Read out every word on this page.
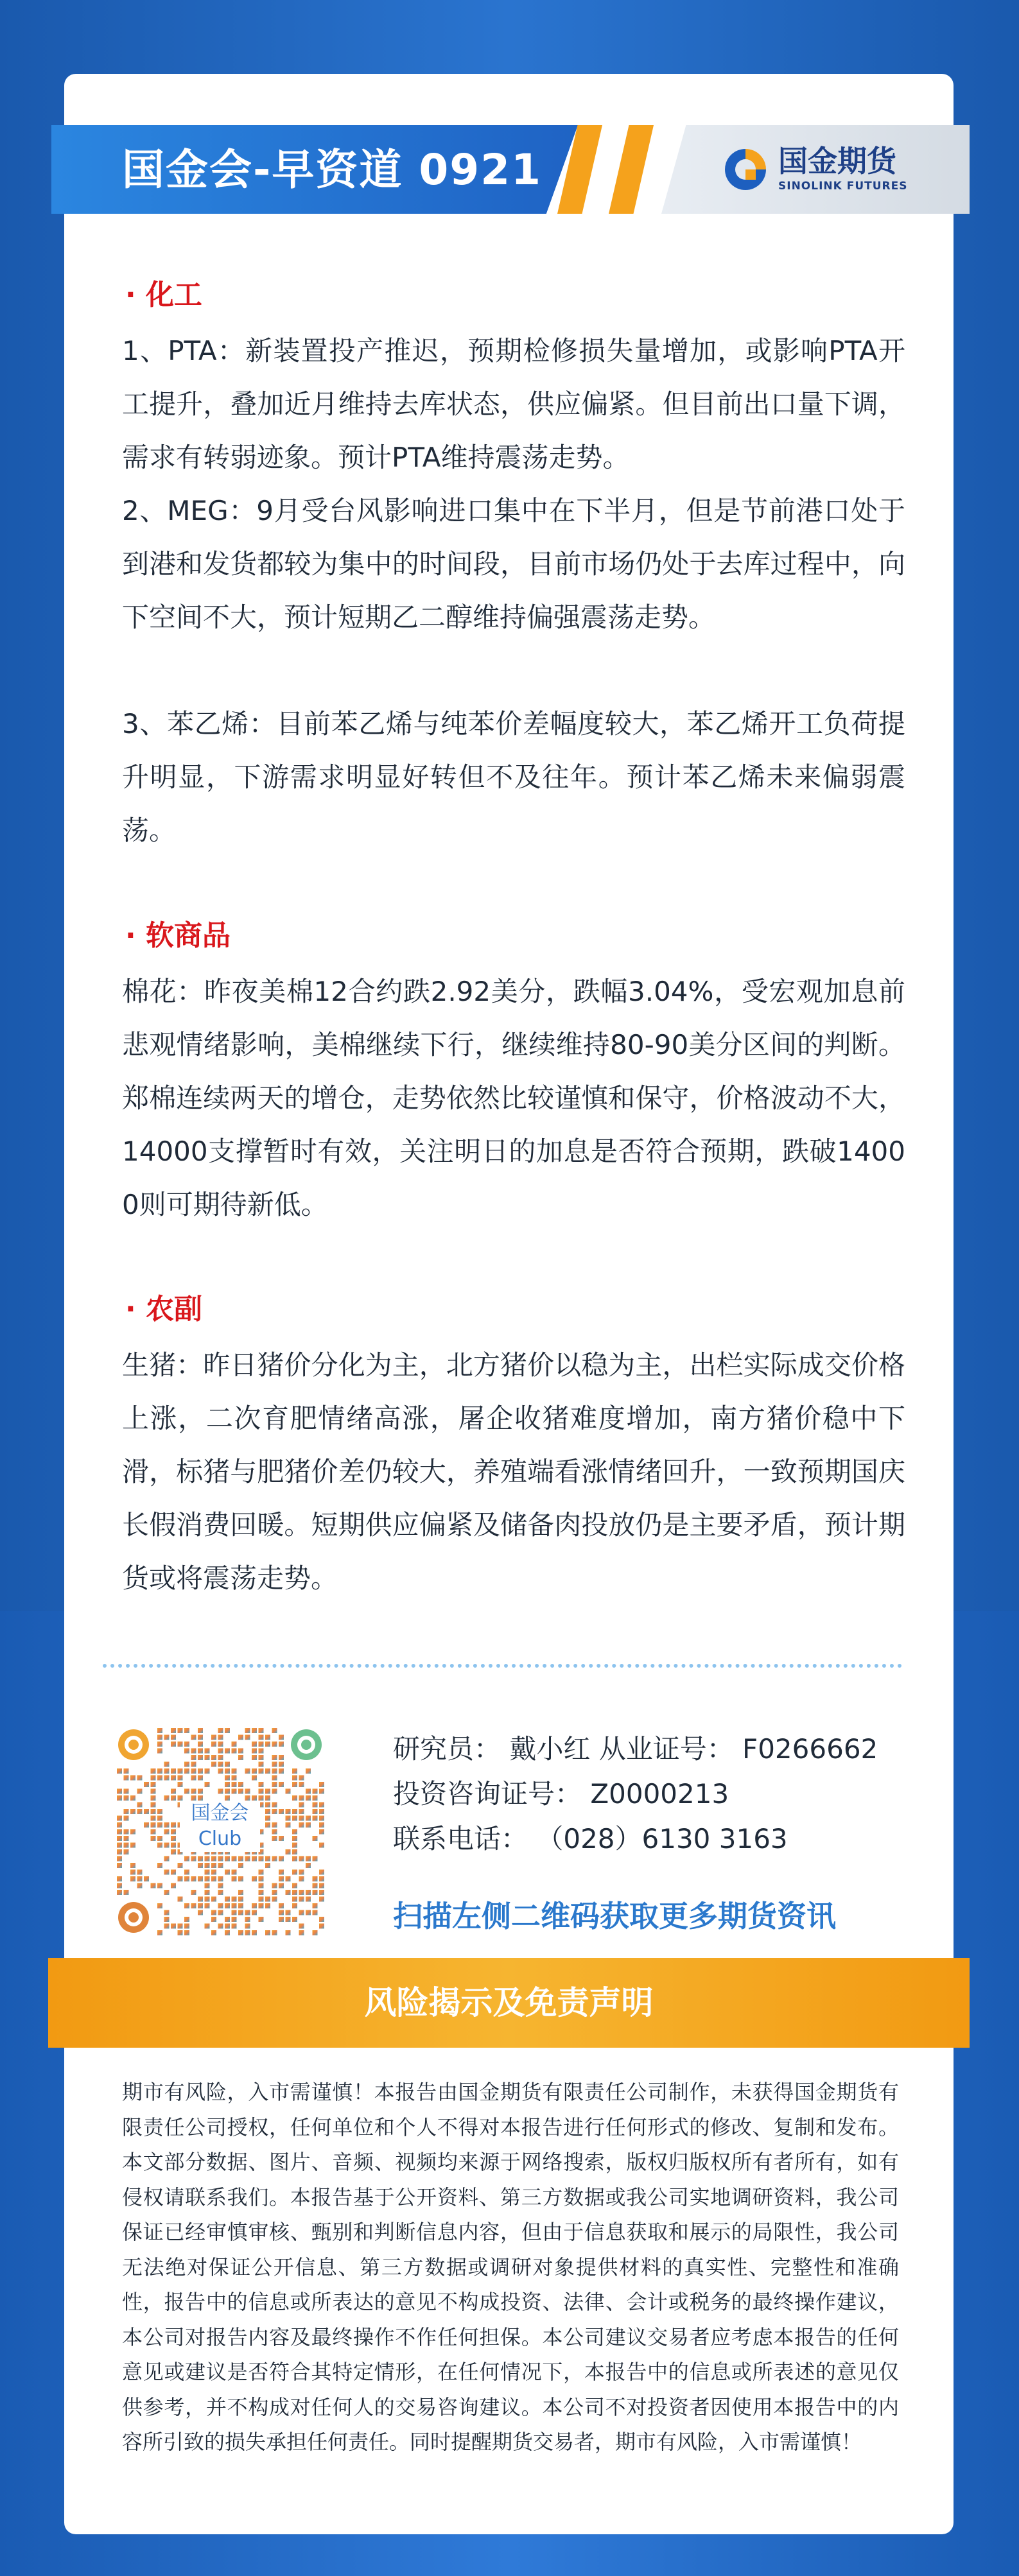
国金会-早资道 0921	国金期货
SINOLINK FUTURES
· 化工

1、PTA：新装置投产推迟，预期检修损失量增加，或影响PTA开工提升，叠加近月维持去库状态，供应偏紧。但目前出口量下调，需求有转弱迹象。预计PTA维持震荡走势。

2、MEG：9月受台风影响进口集中在下半月，但是节前港口处于到港和发货都较为集中的时间段，目前市场仍处于去库过程中，向下空间不大，预计短期乙二醇维持偏强震荡走势。

3、苯乙烯：目前苯乙烯与纯苯价差幅度较大，苯乙烯开工负荷提升明显，下游需求明显好转但不及往年。预计苯乙烯未来偏弱震荡。

· 软商品

棉花：昨夜美棉12合约跌2.92美分，跌幅3.04%，受宏观加息前悲观情绪影响，美棉继续下行，继续维持80-90美分区间的判断。郑棉连续两天的增仓，走势依然比较谨慎和保守，价格波动不大，14000支撑暂时有效，关注明日的加息是否符合预期，跌破14000则可期待新低。

· 农副

生猪：昨日猪价分化为主，北方猪价以稳为主，出栏实际成交价格上涨，二次育肥情绪高涨，屠企收猪难度增加，南方猪价稳中下滑，标猪与肥猪价差仍较大，养殖端看涨情绪回升，一致预期国庆长假消费回暖。短期供应偏紧及储备肉投放仍是主要矛盾，预计期货或将震荡走势。

国金会 Club
研究员： 戴小红 从业证号： F0266662
投资咨询证号： Z0000213
联系电话： （028）6130 3163
扫描左侧二维码获取更多期货资讯
风险揭示及免责声明

期市有风险，入市需谨慎！本报告由国金期货有限责任公司制作，未获得国金期货有限责任公司授权，任何单位和个人不得对本报告进行任何形式的修改、复制和发布。本文部分数据、图片、音频、视频均来源于网络搜索，版权归版权所有者所有，如有侵权请联系我们。本报告基于公开资料、第三方数据或我公司实地调研资料，我公司保证已经审慎审核、甄别和判断信息内容，但由于信息获取和展示的局限性，我公司无法绝对保证公开信息、第三方数据或调研对象提供材料的真实性、完整性和准确性，报告中的信息或所表达的意见不构成投资、法律、会计或税务的最终操作建议，本公司对报告内容及最终操作不作任何担保。本公司建议交易者应考虑本报告的任何意见或建议是否符合其特定情形，在任何情况下，本报告中的信息或所表述的意见仅供参考，并不构成对任何人的交易咨询建议。本公司不对投资者因使用本报告中的内容所引致的损失承担任何责任。同时提醒期货交易者，期市有风险，入市需谨慎！
